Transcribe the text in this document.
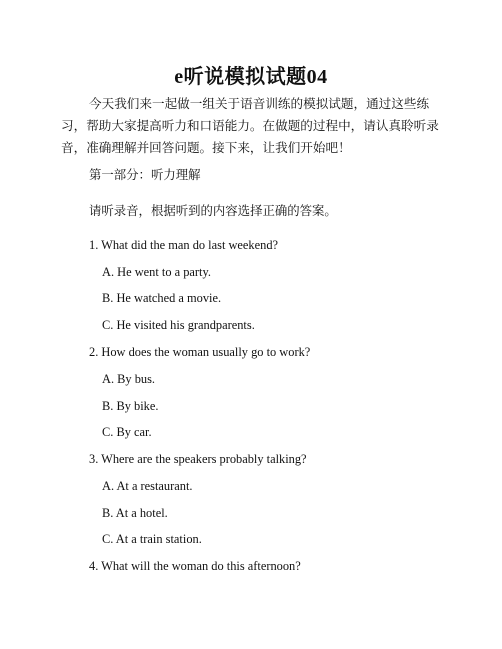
e听说模拟试题04

今天我们来一起做一组关于语音训练的模拟试题，通过这些练习，帮助大家提高听力和口语能力。在做题的过程中，请认真聆听录音，准确理解并回答问题。接下来，让我们开始吧！

第一部分：听力理解

请听录音，根据听到的内容选择正确的答案。

1. What did the man do last weekend?

A. He went to a party.

B. He watched a movie.

C. He visited his grandparents.

2. How does the woman usually go to work?

A. By bus.

B. By bike.

C. By car.

3. Where are the speakers probably talking?

A. At a restaurant.

B. At a hotel.

C. At a train station.

4. What will the woman do this afternoon?
